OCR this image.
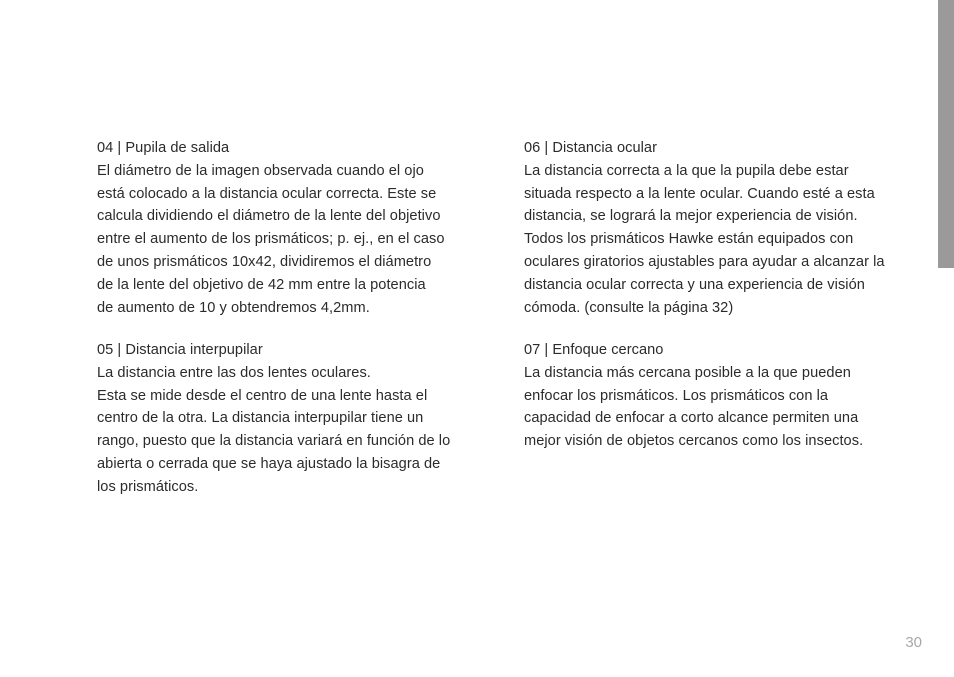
04 | Pupila de salida

El diámetro de la imagen observada cuando el ojo

está colocado a la distancia ocular correcta. Este se

calcula dividiendo el diámetro de la lente del objetivo

entre el aumento de los prismáticos; p. ej., en el caso

de unos prismáticos 10x42, dividiremos el diámetro

de la lente del objetivo de 42 mm entre la potencia

de aumento de 10 y obtendremos 4,2mm.

05 | Distancia interpupilar

La distancia entre las dos lentes oculares.

Esta se mide desde el centro de una lente hasta el

centro de la otra. La distancia interpupilar tiene un

rango, puesto que la distancia variará en función de lo

abierta o cerrada que se haya ajustado la bisagra de

los prismáticos.

06 | Distancia ocular

La distancia correcta a la que la pupila debe estar

situada respecto a la lente ocular. Cuando esté a esta

distancia, se logrará la mejor experiencia de visión.

Todos los prismáticos Hawke están equipados con

oculares giratorios ajustables para ayudar a alcanzar la

distancia ocular correcta y una experiencia de visión

cómoda. (consulte la página 32)

07 | Enfoque cercano

La distancia más cercana posible a la que pueden

enfocar los prismáticos. Los prismáticos con la

capacidad de enfocar a corto alcance permiten una

mejor visión de objetos cercanos como los insectos.

30
